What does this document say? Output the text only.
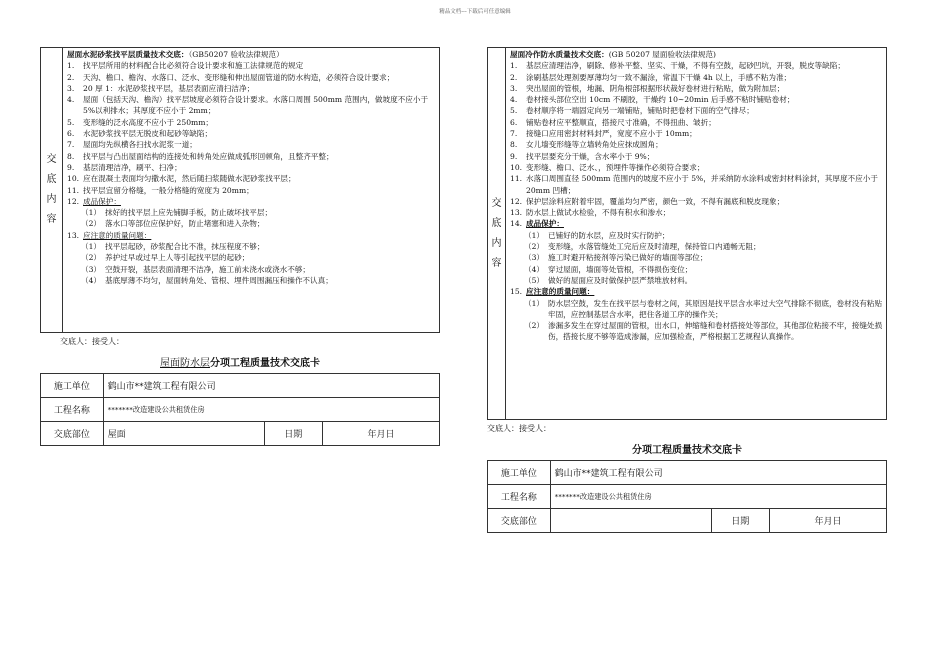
精品文档---下载后可任意编辑
交
底
内
容
屋面水泥砂浆找平层质量技术交底：（GB50207 验收法律规范）
1.	找平层所用的材料配合比必须符合设计要求和施工法律规范的规定
2.	天沟、檐口、檐沟、水落口、泛水、变形缝和伸出屋面管道的防水构造，必须符合设计要求；
3.	20 厚 1：水泥砂浆找平层，基层表面应清扫洁净；
4.	屋面（包括天沟、檐沟）找平层坡度必须符合设计要求。水落口周围 500mm 范围内，做坡度不应小于 5%以利排水；其厚度不应小于 2mm；
5.	变形缝的泛水高度不应小于 250mm；
6.	水泥砂浆找平层无脱皮和起砂等缺陷；
7.	屋面均先纵横各扫找水泥浆一道；
8.	找平层与凸出屋面结构的连接处和转角处应做成弧形回顿角，且整齐平整；
9.	基层清理洁净，刷平、扫净；
10. 应在混凝土表面均匀撒水泥，然后随扫浆随做水泥砂浆找平层；
11. 找平层宜留分格缝，一般分格缝的宽度为 20mm；
12. 成品保护：
（1） 抹好的找平层上应先铺脚手板，防止破坏找平层；
（2） 落水口等部位应保护好，防止堵塞和进入杂物；
13. 应注意的质量问题：
（1） 找平层起砂，砂浆配合比不准，抹压程度不够；
（2） 养护过早或过早上人等引起找平层的起砂；
（3） 空鼓开裂，基层表面清理不洁净，施工前未浇水或浇水不够；
（4） 基底厚薄不均匀，屋面转角处、管根、埋件周围漏压和操作不认真；
交底人：接受人：
屋面防水层分项工程质量技术交底卡
施工单位	鹤山市**建筑工程有限公司		
工程名称	*******改造建设公共租赁住房		
交底部位	屋面	日期	年月日
交
底
内
容
屋面冷作防水质量技术交底：(GB 50207 屋面验收法律规范)
1.	基层应清理洁净，刷除、修补平整、坚实、干燥，不得有空鼓，起砂凹坑，开裂，脱皮等缺陷；
2.	涂刷基层处理剂要厚薄均匀一致不漏涂，常温下干燥 4h 以上，手感不粘为准；
3.	突出屋面的管根，地漏、阴角根部根据形状裁好卷材进行粘贴，做为附加层；
4.	卷材接头部位空出 10cm 不刷胶，干燥约 10~20min 后手感不粘时铺贴卷材；
5.	卷材顺序将一端固定向另一端铺贴，铺贴时把卷材下面的空气排尽；
6.	铺贴卷材应平整顺直，搭接尺寸准确，不得扭曲、皱折；
7.	接缝口应用密封材料封严，宽度不应小于 10mm；
8.	女儿墙变形缝等立墙转角处应抹成圆角；
9.	找平层要充分干燥，含水率小于 9%；
10. 变形缝、檐口、泛水、，预埋件等操作必须符合要求；
11. 水落口周围直径 500mm 范围内的坡度不应小于 5%，并采纳防水涂料或密封材料涂封，其厚度不应小于 20mm 凹槽；
12. 保护层涂料应附着牢固，覆盖均匀严密，颜色一致，不得有漏底和脱皮现象；
13. 防水层上做试水检验，不得有积水和渗水；
14. 成品保护：
（1） 已铺好的防水层，应及时实行防护；
（2） 变形缝，水落管缝处工完后应及时清理，保持管口内通畅无阻；
（3） 施工时避开粘接剂等污染已做好的墙面等部位；
（4） 穿过屋面，墙面等处管根，不得损伤变位；
（5） 做好的屋面应及时做保护层严禁堆放材料。
15. 应注意的质量问题：
（1） 防水层空鼓，发生在找平层与卷材之间，其原因是找平层含水率过大空气排除不彻底，卷材没有粘贴牢固，应控制基层含水率，把住各道工序的操作关；
（2） 渗漏多发生在穿过屋面的管根，出水口，伸缩缝和卷材搭接处等部位，其他部位粘接不牢，接缝处损伤，搭接长度不够等造成渗漏，应加强检查，严格根据工艺规程认真操作。
交底人：接受人：
分项工程质量技术交底卡
施工单位	鹤山市**建筑工程有限公司		
工程名称	*******改造建设公共租赁住房		
交底部位		日期	年月日
